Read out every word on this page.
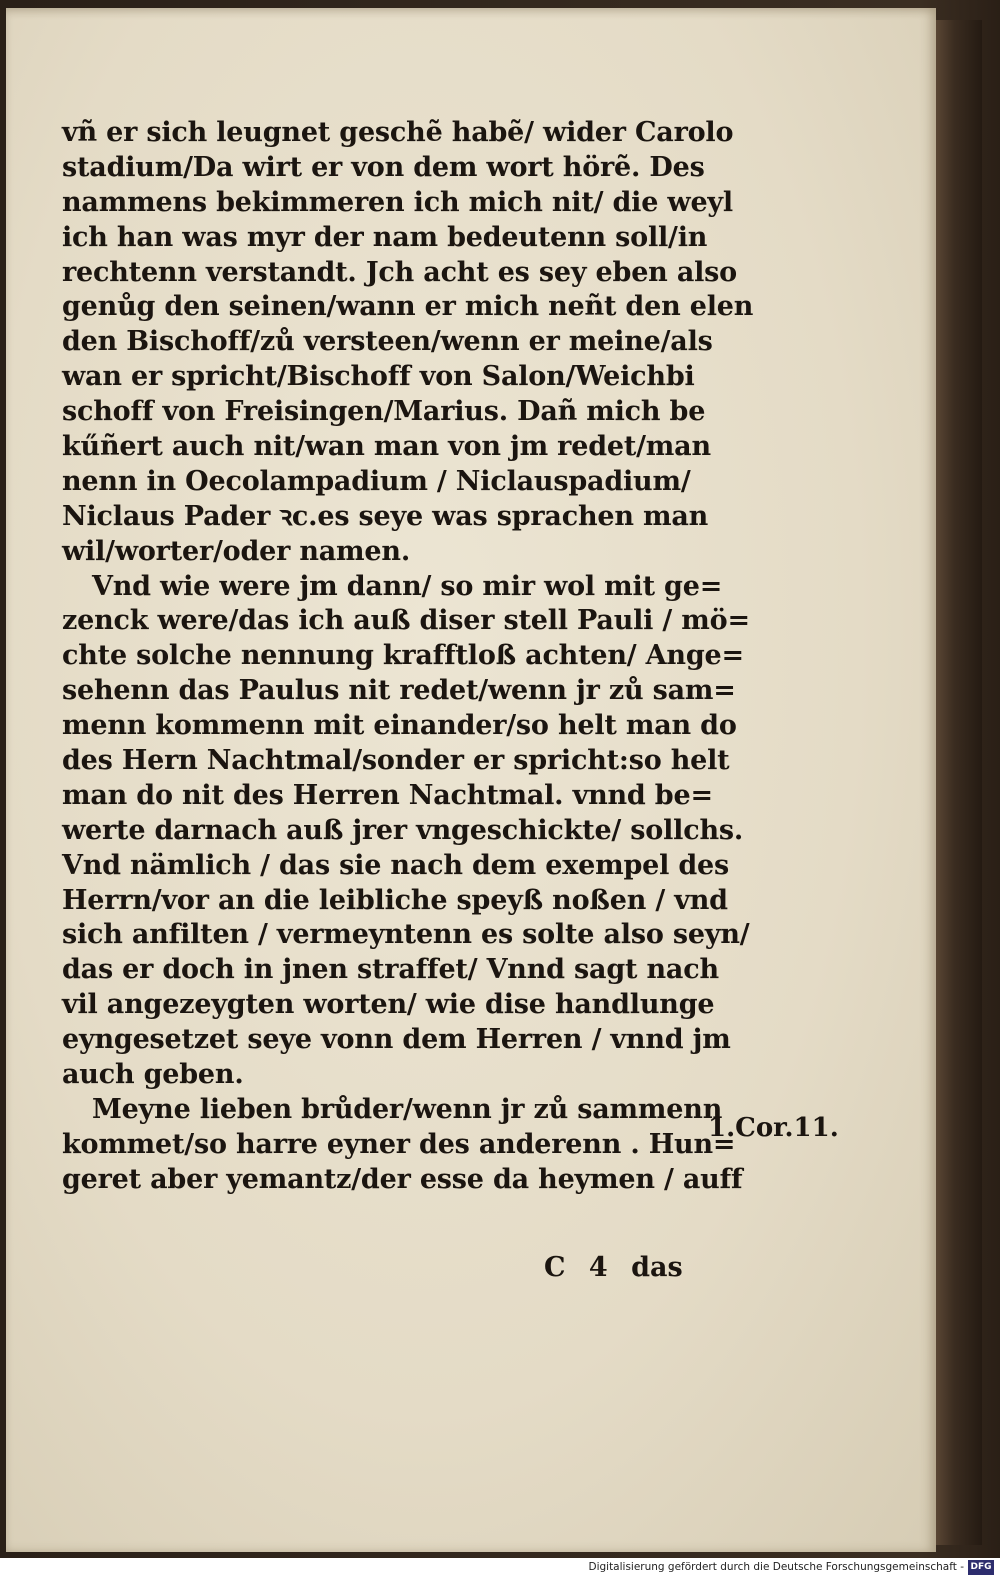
vñ er sich leugnet geschẽ habẽ/ wider Carolo
stadium/Da wirt er von dem wort hörẽ. Des
nammens bekimmeren ich mich nit/ die weyl
ich han was myr der nam bedeutenn soll/in
rechtenn verstandt. Jch acht es sey eben also
genůg den seinen/wann er mich neñt den elen
den Bischoff/zů versteen/wenn er meine/als
wan er spricht/Bischoff von Salon/Weichbi
schoff von Freisingen/Marius. Dañ mich be
kűñert auch nit/wan man von jm redet/man
nenn in Oecolampadium / Niclauspadium/
Niclaus Pader ꝛc.es seye was sprachen man
wil/worter/oder namen.
Vnd wie were jm dann/ so mir wol mit ge=
zenck were/das ich auß diser stell Pauli / mö=
chte solche nennung krafftloß achten/ Ange=
sehenn das Paulus nit redet/wenn jr zů sam=
menn kommenn mit einander/so helt man do
des Hern Nachtmal/sonder er spricht:so helt
man do nit des Herren Nachtmal. vnnd be=
werte darnach auß jrer vngeschickte/ sollchs.
Vnd nämlich / das sie nach dem exempel des
Herrn/vor an die leibliche speyß noßen / vnd
sich anfilten / vermeyntenn es solte also seyn/
das er doch in jnen straffet/ Vnnd sagt nach
vil angezeygten worten/ wie dise handlunge
eyngesetzet seye vonn dem Herren / vnnd jm
auch geben.
Meyne lieben brůder/wenn jr zů sammenn
kommet/so harre eyner des anderenn . Hun=
geret aber yemantz/der esse da heymen / auff
1.Cor.11.
C 4 das
Digitalisierung gefördert durch die Deutsche Forschungsgemeinschaft - DFG
